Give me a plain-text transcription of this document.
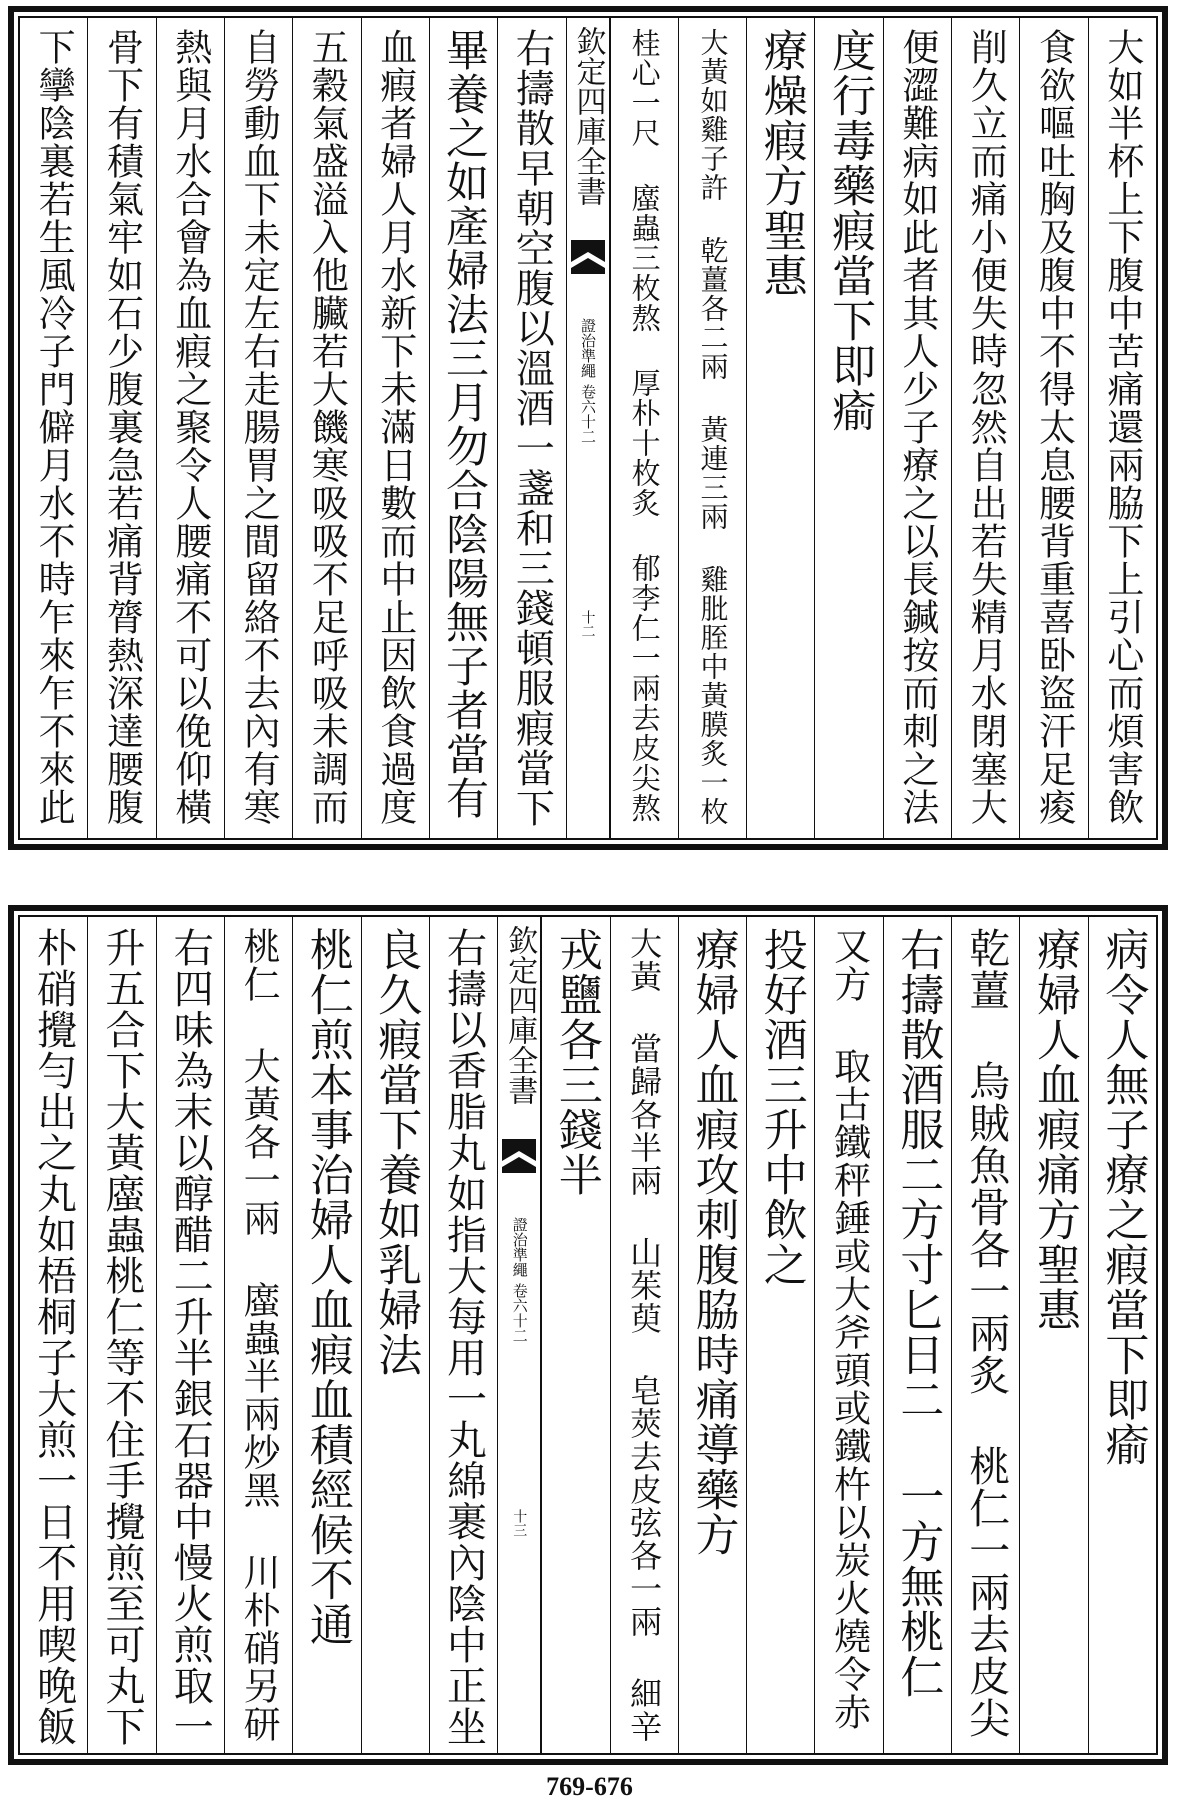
大如半杯上下腹中苦痛還兩脇下上引心而煩害飲
食欲嘔吐胸及腹中不得太息腰背重喜卧盜汗足痠
削久立而痛小便失時忽然自出若失精月水閉塞大
便澀難病如此者其人少子療之以長鍼按而刺之法
度行毒藥瘕當下即瘉
療燥瘕方聖惠
大黃如雞子許 乾薑各二兩 黃連三兩 雞肶胵中黃膜炙一枚
桂心一尺 䗪蟲三枚熬 厚朴十枚炙 郁李仁一兩去皮尖熬
欽定四庫全書
證治準繩
卷六十二
十二
右擣散早朝空腹以溫酒一盞和三錢頓服瘕當下
畢養之如產婦法三月勿合陰陽無子者當有
血瘕者婦人月水新下未滿日數而中止因飲食過度
五穀氣盛溢入他臟若大饑寒吸吸不足呼吸未調而
自勞動血下未定左右走腸胃之間留絡不去內有寒
熱與月水合會為血瘕之聚令人腰痛不可以俛仰橫
骨下有積氣牢如石少腹裏急若痛背膂熱深達腰腹
下攣陰裏若生風冷子門僻月水不時乍來乍不來此
病令人無子療之瘕當下即瘉
療婦人血瘕痛方聖惠
乾薑 烏賊魚骨各一兩炙 桃仁一兩去皮尖
右擣散酒服二方寸匕日二 一方無桃仁
又方 取古鐵秤錘或大斧頭或鐵杵以炭火燒令赤
投好酒三升中飲之
療婦人血瘕攻刺腹脇時痛導藥方
大黃 當歸各半兩 山茱萸 皂莢去皮弦各一兩 細辛
戎鹽各三錢半
欽定四庫全書
證治準繩
卷六十二
十三
右擣以香脂丸如指大每用一丸綿裹內陰中正坐
良久瘕當下養如乳婦法
桃仁煎本事治婦人血瘕血積經候不通
桃仁 大黃各一兩 䗪蟲半兩炒黑 川朴硝另研
右四味為末以醇醋二升半銀石器中慢火煎取一
升五合下大黃䗪蟲桃仁等不住手攪煎至可丸下
朴硝攪勻出之丸如梧桐子大煎一日不用喫晚飯
769-676
